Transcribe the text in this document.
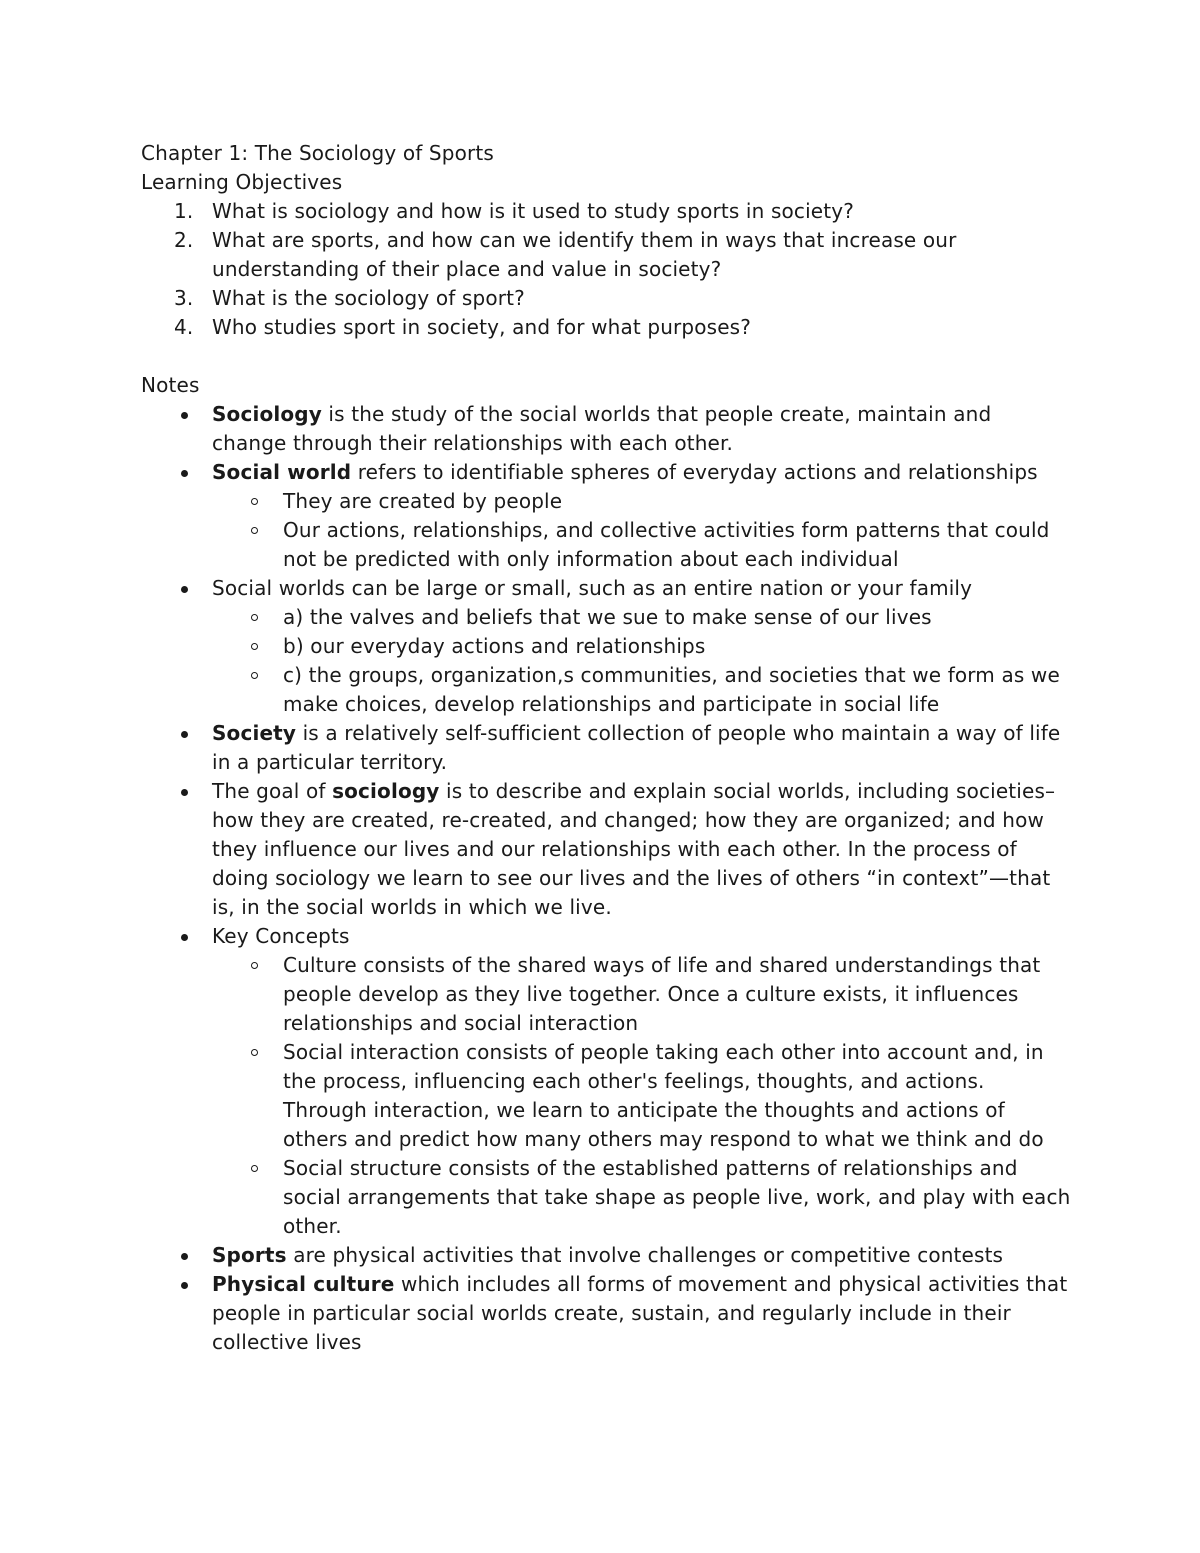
Chapter 1: The Sociology of Sports

Learning Objectives

1. What is sociology and how is it used to study sports in society?
2. What are sports, and how can we identify them in ways that increase our understanding of their place and value in society?
3. What is the sociology of sport?
4. Who studies sport in society, and for what purposes?

Notes

Sociology is the study of the social worlds that people create, maintain and change through their relationships with each other.
Social world refers to identifiable spheres of everyday actions and relationships
They are created by people
Our actions, relationships, and collective activities form patterns that could not be predicted with only information about each individual
Social worlds can be large or small, such as an entire nation or your family
a) the valves and beliefs that we sue to make sense of our lives
b) our everyday actions and relationships
c) the groups, organization,s communities, and societies that we form as we make choices, develop relationships and participate in social life
Society is a relatively self-sufficient collection of people who maintain a way of life in a particular territory.
The goal of sociology is to describe and explain social worlds, including societies–how they are created, re-created, and changed; how they are organized; and how they influence our lives and our relationships with each other. In the process of doing sociology we learn to see our lives and the lives of others “in context”—that is, in the social worlds in which we live.
Key Concepts
Culture consists of the shared ways of life and shared understandings that people develop as they live together. Once a culture exists, it influences relationships and social interaction
Social interaction consists of people taking each other into account and, in the process, influencing each other's feelings, thoughts, and actions. Through interaction, we learn to anticipate the thoughts and actions of others and predict how many others may respond to what we think and do
Social structure consists of the established patterns of relationships and social arrangements that take shape as people live, work, and play with each other.
Sports are physical activities that involve challenges or competitive contests
Physical culture which includes all forms of movement and physical activities that people in particular social worlds create, sustain, and regularly include in their collective lives
